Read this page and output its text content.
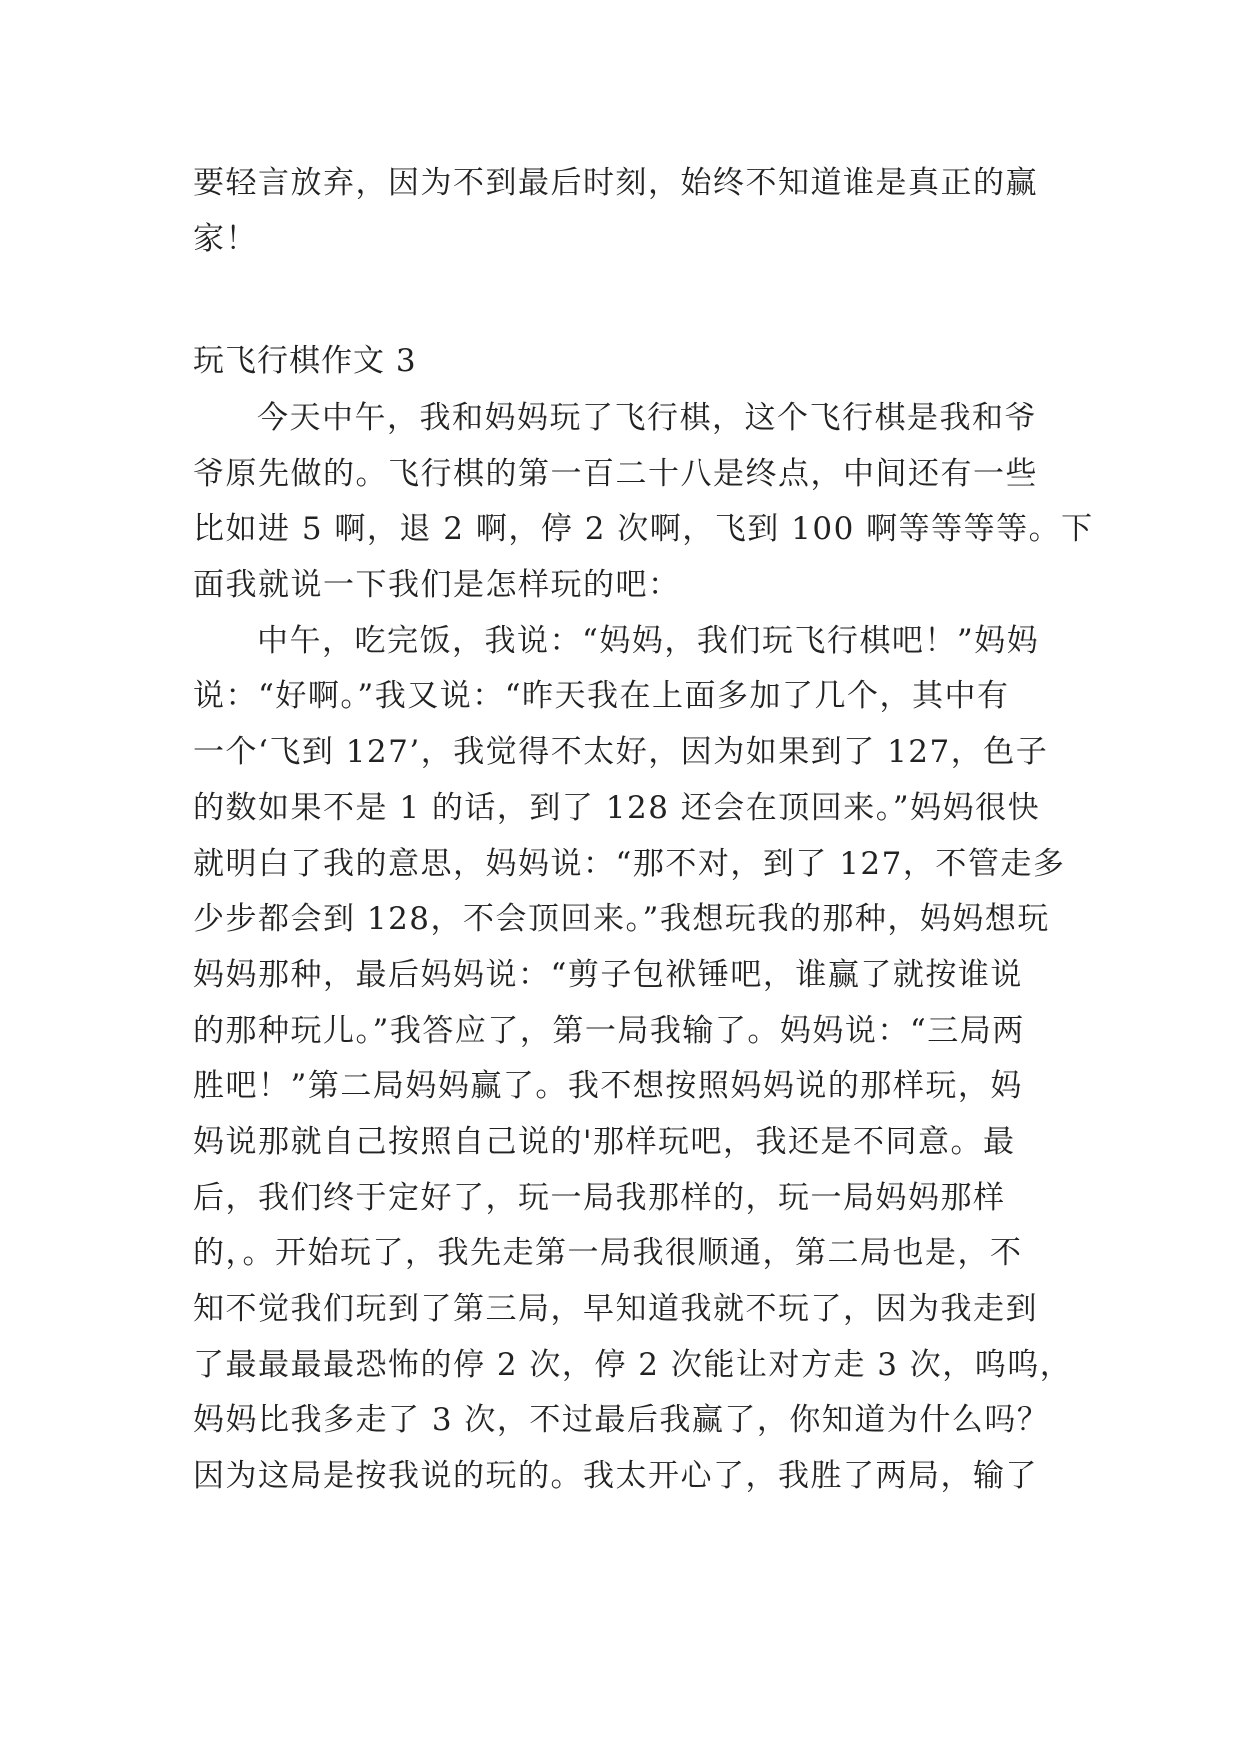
要轻言放弃，因为不到最后时刻，始终不知道谁是真正的赢
家！
玩飞行棋作文 3
今天中午，我和妈妈玩了飞行棋，这个飞行棋是我和爷
爷原先做的。飞行棋的第一百二十八是终点，中间还有一些
比如进 5 啊，退 2 啊，停 2 次啊，飞到 100 啊等等等等。下
面我就说一下我们是怎样玩的吧：
中午，吃完饭，我说：“妈妈，我们玩飞行棋吧！”妈妈
说：“好啊。”我又说：“昨天我在上面多加了几个，其中有
一个‘飞到 127’，我觉得不太好，因为如果到了 127，色子
的数如果不是 1 的话，到了 128 还会在顶回来。”妈妈很快
就明白了我的意思，妈妈说：“那不对，到了 127，不管走多
少步都会到 128，不会顶回来。”我想玩我的那种，妈妈想玩
妈妈那种，最后妈妈说：“剪子包袱锤吧，谁赢了就按谁说
的那种玩儿。”我答应了，第一局我输了。妈妈说：“三局两
胜吧！”第二局妈妈赢了。我不想按照妈妈说的那样玩，妈
妈说那就自己按照自己说的'那样玩吧，我还是不同意。最
后，我们终于定好了，玩一局我那样的，玩一局妈妈那样
的，。开始玩了，我先走第一局我很顺通，第二局也是，不
知不觉我们玩到了第三局，早知道我就不玩了，因为我走到
了最最最最恐怖的停 2 次，停 2 次能让对方走 3 次，呜呜，
妈妈比我多走了 3 次，不过最后我赢了，你知道为什么吗？
因为这局是按我说的玩的。我太开心了，我胜了两局，输了
